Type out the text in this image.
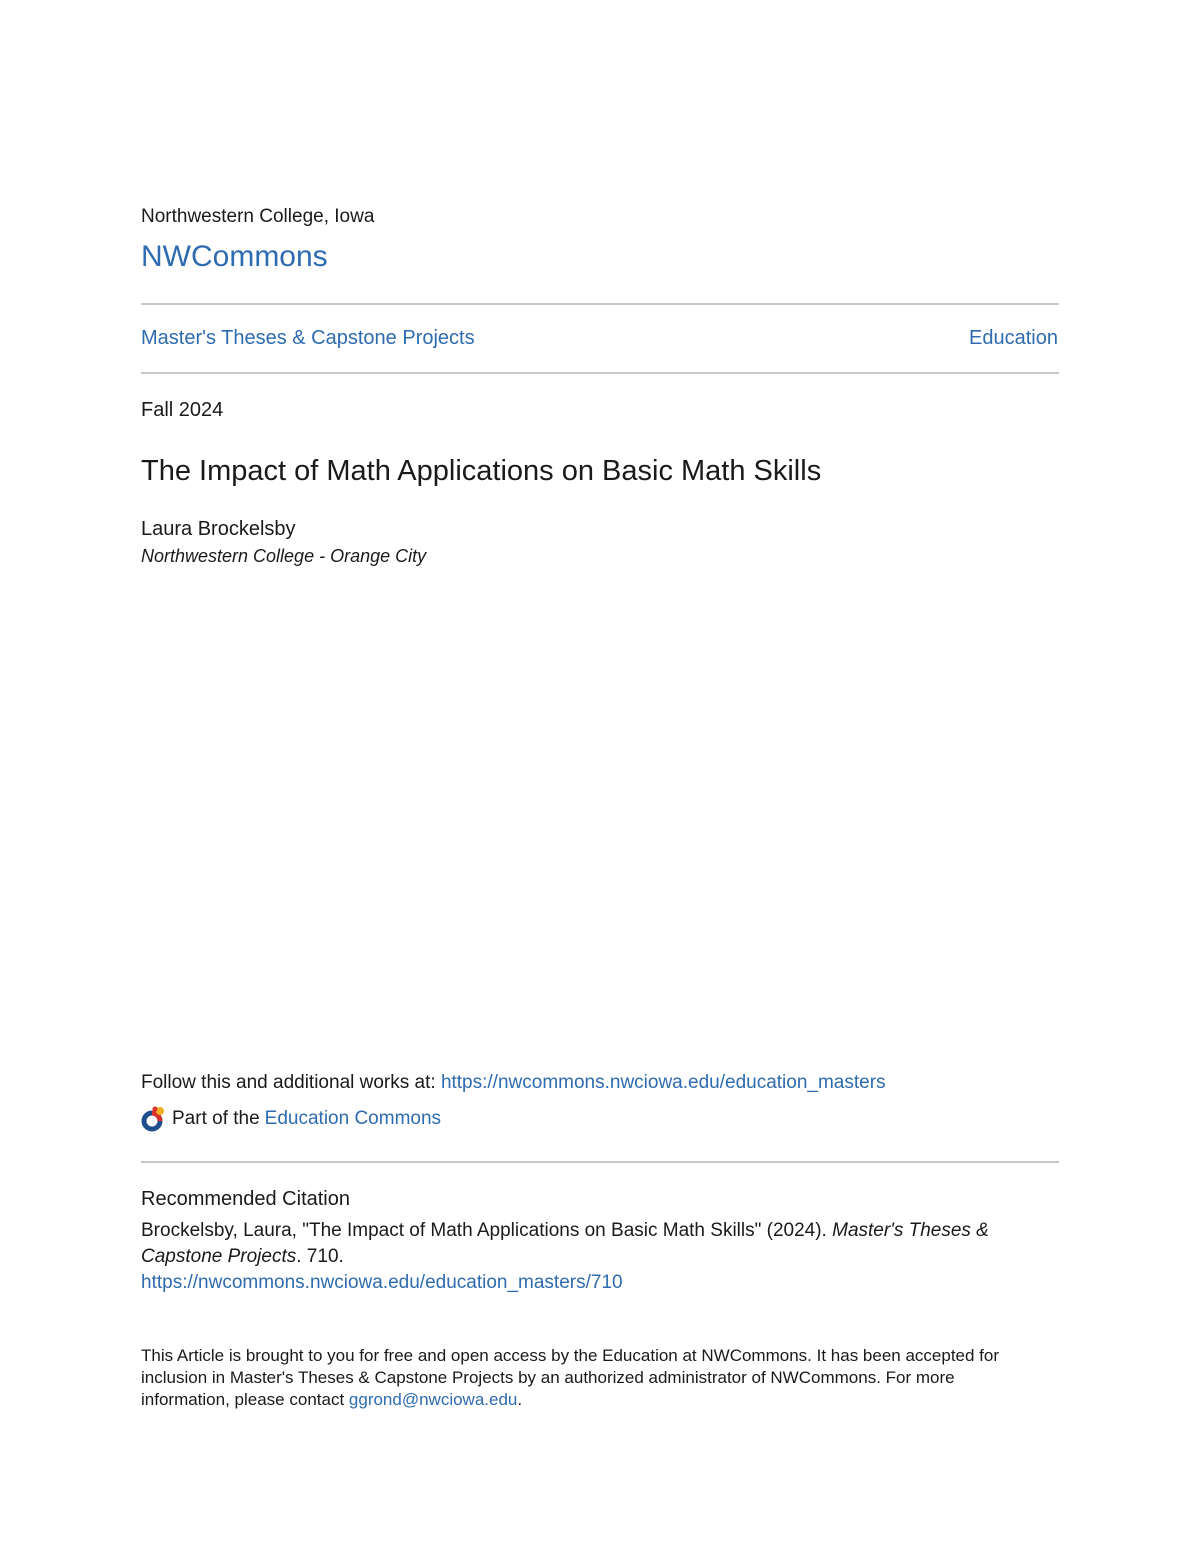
Northwestern College, Iowa
NWCommons
Master's Theses & Capstone Projects	Education
Fall 2024
The Impact of Math Applications on Basic Math Skills
Laura Brockelsby
Northwestern College - Orange City
Follow this and additional works at: https://nwcommons.nwciowa.edu/education_masters
Part of the Education Commons
Recommended Citation
Brockelsby, Laura, "The Impact of Math Applications on Basic Math Skills" (2024). Master's Theses & Capstone Projects. 710.
https://nwcommons.nwciowa.edu/education_masters/710
This Article is brought to you for free and open access by the Education at NWCommons. It has been accepted for inclusion in Master's Theses & Capstone Projects by an authorized administrator of NWCommons. For more information, please contact ggrond@nwciowa.edu.
